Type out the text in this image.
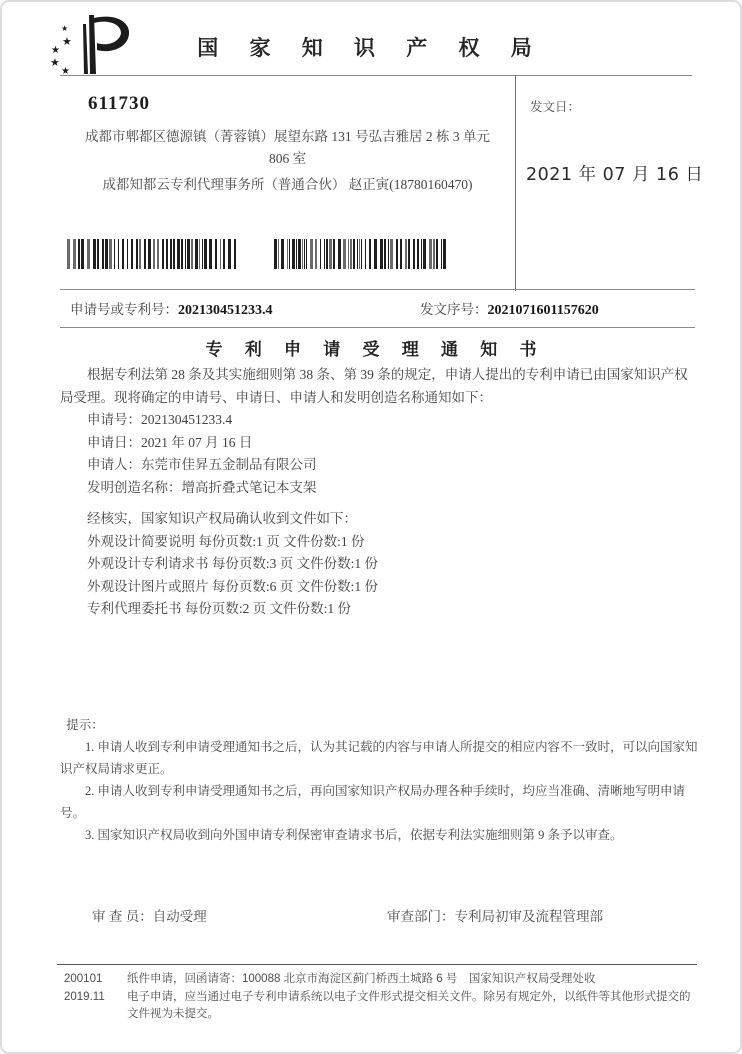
★
★
★
★
★
国 家 知 识 产 权 局
611730
成都市郫都区德源镇（菁蓉镇）展望东路 131 号弘吉雅居 2 栋 3 单元
806 室
成都知都云专利代理事务所（普通合伙） 赵正寅(18780160470)
发文日：
2021 年 07 月 16 日
申请号或专利号：202130451233.4	发文序号：2021071601157620
专 利 申 请 受 理 通 知 书

根据专利法第 28 条及其实施细则第 38 条、第 39 条的规定，申请人提出的专利申请已由国家知识产权局受理。现将确定的申请号、申请日、申请人和发明创造名称通知如下：

申请号：202130451233.4

申请日：2021 年 07 月 16 日

申请人：东莞市佳昇五金制品有限公司

发明创造名称：增高折叠式笔记本支架

经核实，国家知识产权局确认收到文件如下：

外观设计简要说明 每份页数:1 页 文件份数:1 份

外观设计专利请求书 每份页数:3 页 文件份数:1 份

外观设计图片或照片 每份页数:6 页 文件份数:1 份

专利代理委托书 每份页数:2 页 文件份数:1 份

提示：

1. 申请人收到专利申请受理通知书之后，认为其记载的内容与申请人所提交的相应内容不一致时，可以向国家知识产权局请求更正。

2. 申请人收到专利申请受理通知书之后，再向国家知识产权局办理各种手续时，均应当准确、清晰地写明申请号。

3. 国家知识产权局收到向外国申请专利保密审查请求书后，依据专利法实施细则第 9 条予以审查。

审 查 员：自动受理	审查部门：专利局初审及流程管理部
200101
2019.11
纸件申请，回函请寄：100088 北京市海淀区蓟门桥西土城路 6 号　国家知识产权局受理处收
电子申请，应当通过电子专利申请系统以电子文件形式提交相关文件。除另有规定外，以纸件等其他形式提交的
文件视为未提交。
